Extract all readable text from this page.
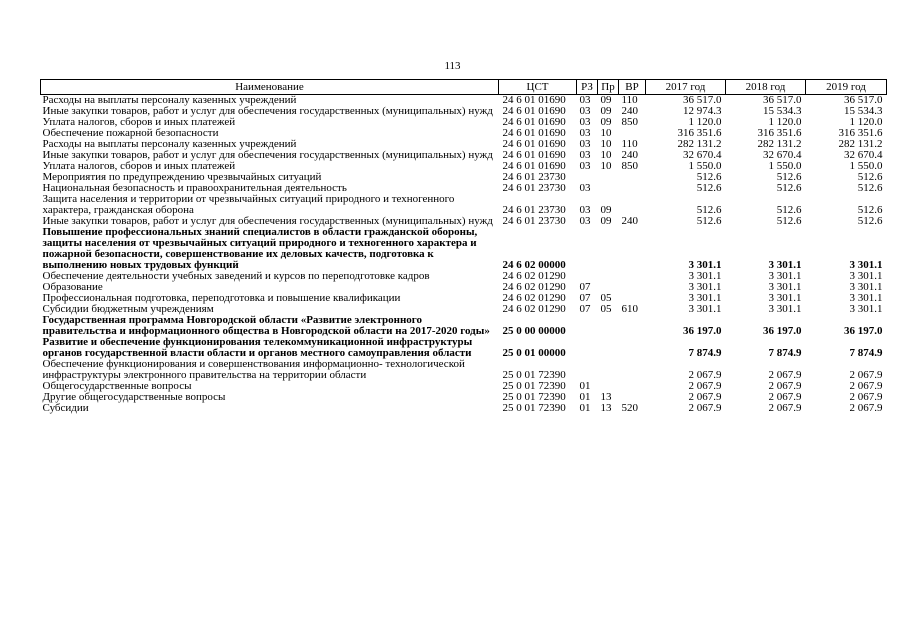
113
Наименование	ЦСТ	РЗ	Пр	ВР	2017 год	2018 год	2019 год
Расходы на выплаты персоналу казенных учреждений	24 6 01 01690	03	09	110	36 517.0	36 517.0	36 517.0
Иные закупки товаров, работ и услуг для обеспечения государственных (муниципальных) нужд	24 6 01 01690	03	09	240	12 974.3	15 534.3	15 534.3
Уплата налогов, сборов и иных платежей	24 6 01 01690	03	09	850	1 120.0	1 120.0	1 120.0
Обеспечение пожарной безопасности	24 6 01 01690	03	10		316 351.6	316 351.6	316 351.6
Расходы на выплаты персоналу казенных учреждений	24 6 01 01690	03	10	110	282 131.2	282 131.2	282 131.2
Иные закупки товаров, работ и услуг для обеспечения государственных (муниципальных) нужд	24 6 01 01690	03	10	240	32 670.4	32 670.4	32 670.4
Уплата налогов, сборов и иных платежей	24 6 01 01690	03	10	850	1 550.0	1 550.0	1 550.0
Мероприятия по предупреждению чрезвычайных ситуаций	24 6 01 23730				512.6	512.6	512.6
Национальная безопасность и правоохранительная деятельность	24 6 01 23730	03			512.6	512.6	512.6
Защита населения и территории от чрезвычайных ситуаций природного и техногенного характера, гражданская оборона	24 6 01 23730	03	09		512.6	512.6	512.6
Иные закупки товаров, работ и услуг для обеспечения государственных (муниципальных) нужд	24 6 01 23730	03	09	240	512.6	512.6	512.6
Повышение профессиональных знаний специалистов в области гражданской обороны, защиты населения от чрезвычайных ситуаций природного и техногенного характера и пожарной безопасности, совершенствование их деловых качеств, подготовка к выполнению новых трудовых функций	24 6 02 00000				3 301.1	3 301.1	3 301.1
Обеспечение деятельности учебных заведений и курсов по переподготовке кадров	24 6 02 01290				3 301.1	3 301.1	3 301.1
Образование	24 6 02 01290	07			3 301.1	3 301.1	3 301.1
Профессиональная подготовка, переподготовка и повышение квалификации	24 6 02 01290	07	05		3 301.1	3 301.1	3 301.1
Субсидии бюджетным учреждениям	24 6 02 01290	07	05	610	3 301.1	3 301.1	3 301.1
Государственная программа Новгородской области «Развитие электронного правительства и информационного общества в Новгородской области на 2017-2020 годы»	25 0 00 00000				36 197.0	36 197.0	36 197.0
Развитие и обеспечение функционирования телекоммуникационной инфраструктуры органов государственной власти области и органов местного самоуправления области	25 0 01 00000				7 874.9	7 874.9	7 874.9
Обеспечение функционирования и совершенствования информационно- технологической инфраструктуры электронного правительства на территории области	25 0 01 72390				2 067.9	2 067.9	2 067.9
Общегосударственные вопросы	25 0 01 72390	01			2 067.9	2 067.9	2 067.9
Другие общегосударственные вопросы	25 0 01 72390	01	13		2 067.9	2 067.9	2 067.9
Субсидии	25 0 01 72390	01	13	520	2 067.9	2 067.9	2 067.9
